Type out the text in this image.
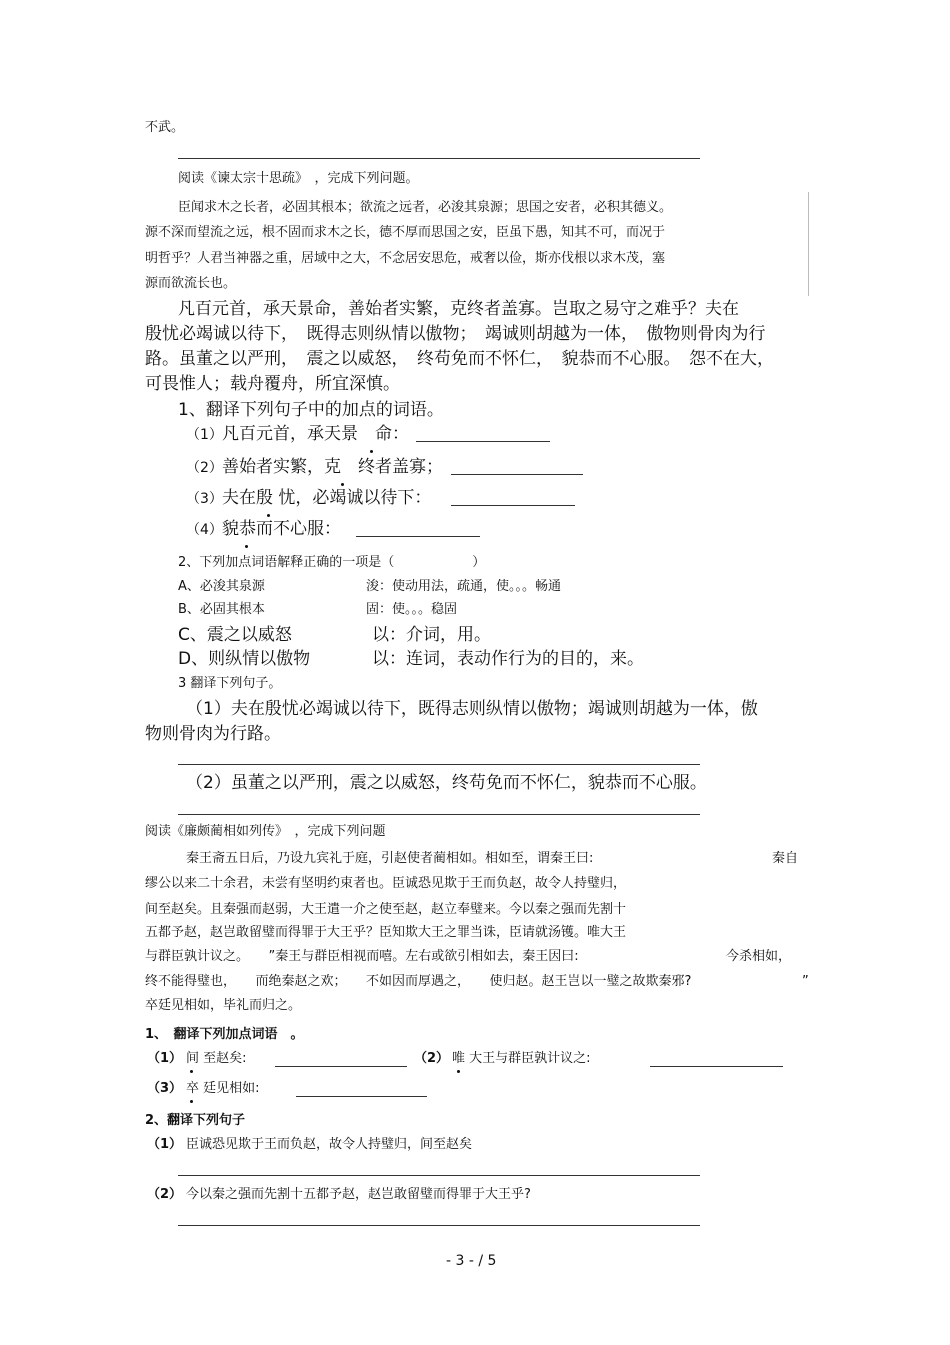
不武。
阅读《谏太宗十思疏》　，完成下列问题。
臣闻求木之长者，必固其根本；欲流之远者，必浚其泉源；思国之安者，必积其德义。
源不深而望流之远，根不固而求木之长，德不厚而思国之安，臣虽下愚，知其不可，而况于
明哲乎？人君当神器之重，居域中之大，不念居安思危，戒奢以俭，斯亦伐根以求木茂，塞
源而欲流长也。
凡百元首，承天景命，善始者实繁，克终者盖寡。岂取之易守之难乎？夫在
殷忧必竭诚以待下，　既得志则纵情以傲物；　竭诚则胡越为一体，　傲物则骨肉为行
路。虽董之以严刑，　震之以威怒，　终苟免而不怀仁，　貌恭而不心服。　怨不在大，
可畏惟人；载舟覆舟，所宜深慎。
1、翻译下列句子中的加点的词语。
（1） 凡百元首，承天景　命：
（2） 善始者实繁，克　终者盖寡；
（3） 夫在殷 忧，必竭诚以待下：
（4） 貌恭而不心服：
2、下列加点词语解释正确的一项是（　　　　　　）
A、必浚其泉源	浚：使动用法，疏通，使。。。畅通
B、必固其根本	固：使。。。稳固
C、震之以威怒	以：介词，用。
D、则纵情以傲物	以：连词，表动作行为的目的，来。
3 翻译下列句子。
（1）夫在殷忧必竭诚以待下，既得志则纵情以傲物；竭诚则胡越为一体，傲
物则骨肉为行路。
（2）虽董之以严刑，震之以威怒，终苟免而不怀仁，貌恭而不心服。
阅读《廉颇蔺相如列传》　，完成下列问题
秦王斋五日后，乃设九宾礼于庭，引赵使者蔺相如。相如至，谓秦王曰:	秦自
缪公以来二十余君，未尝有坚明约束者也。臣诚恐见欺于王而负赵，故令人持璧归，
间至赵矣。且秦强而赵弱，大王遣一介之使至赵，赵立奉璧来。今以秦之强而先割十
五都予赵，赵岂敢留璧而得罪于大王乎？臣知欺大王之罪当诛，臣请就汤镬。唯大王
与群臣孰计议之。　　”秦王与群臣相视而嘻。左右或欲引相如去，秦王因曰:	今杀相如，
终不能得璧也，　　而绝秦赵之欢；　　不如因而厚遇之，　　使归赵。赵王岂以一璧之故欺秦邪?	”
卒廷见相如，毕礼而归之。
1、　翻译下列加点词语　。
（1） 间 至赵矣:	（2） 唯 大王与群臣孰计议之:
（3） 卒 廷见相如:
2、翻译下列句子
（1） 臣诚恐见欺于王而负赵，故令人持璧归，间至赵矣
（2） 今以秦之强而先割十五都予赵，赵岂敢留璧而得罪于大王乎?
- 3 - / 5
